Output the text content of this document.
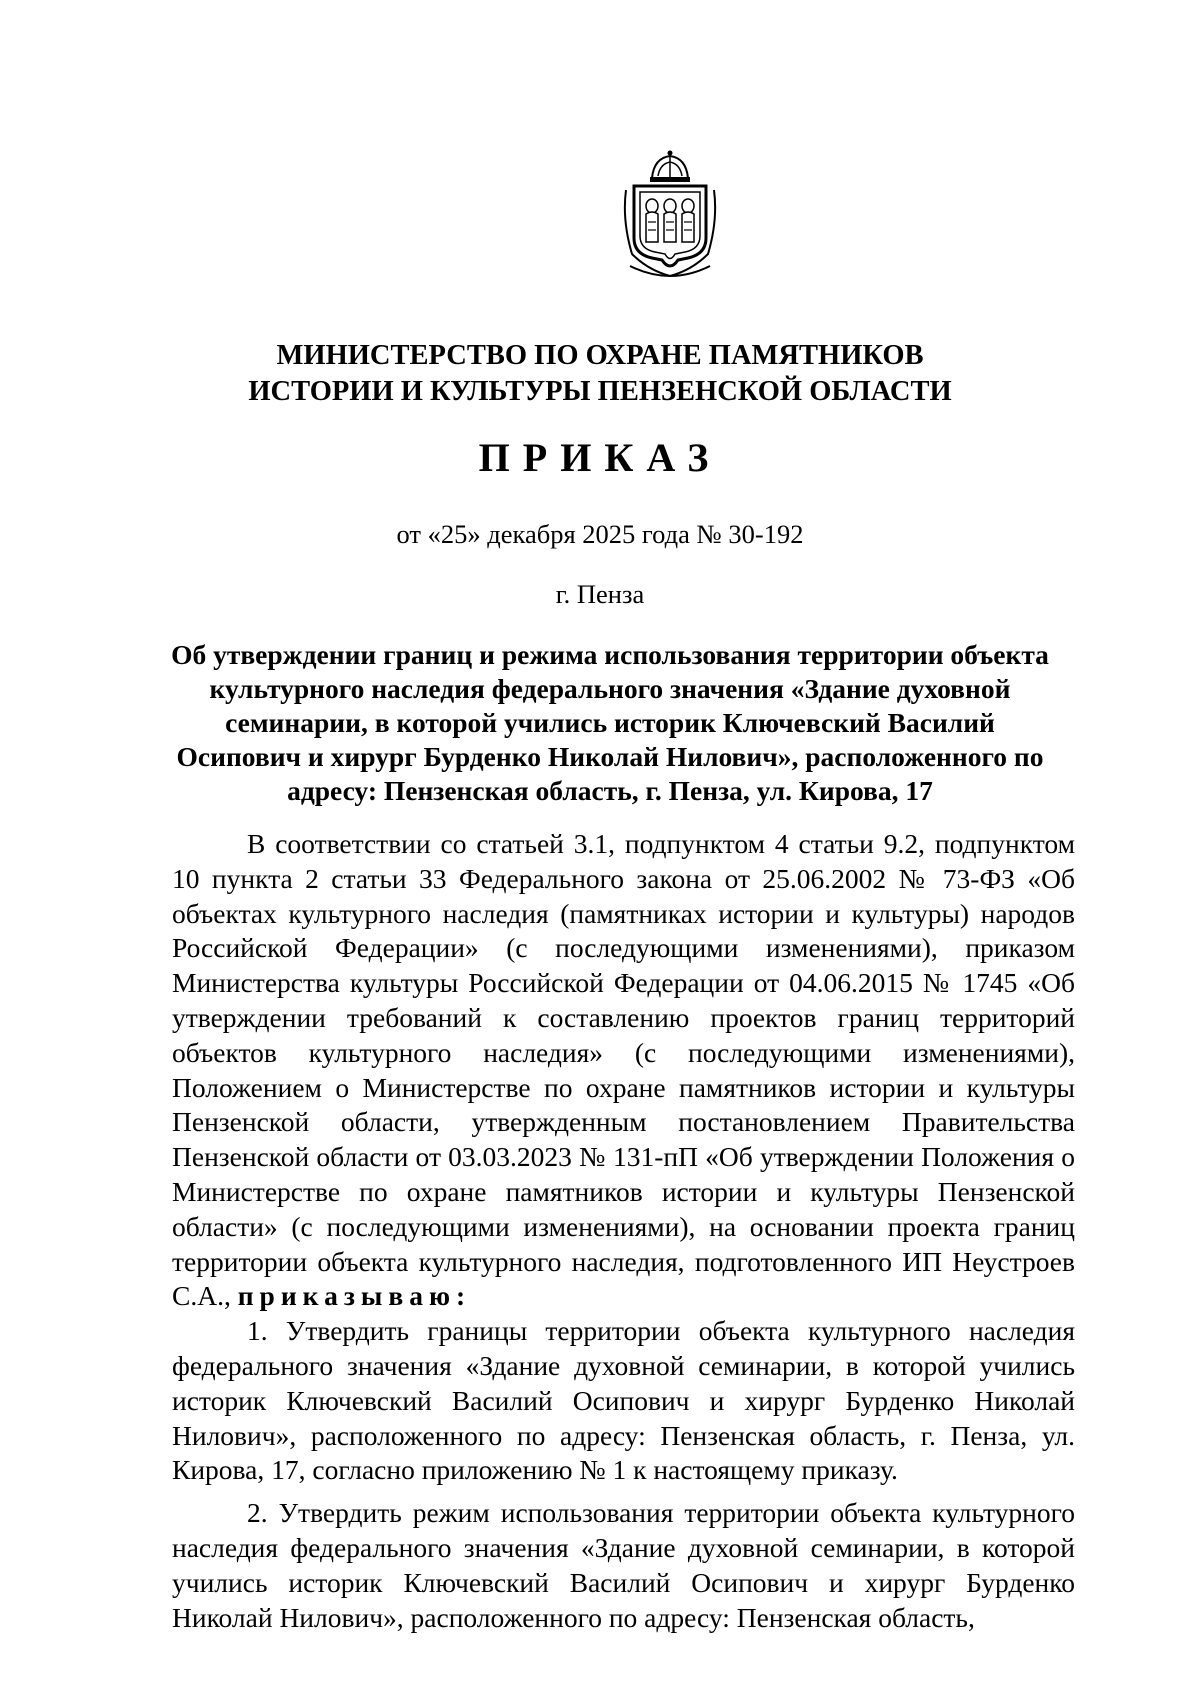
МИНИСТЕРСТВО ПО ОХРАНЕ ПАМЯТНИКОВ
ИСТОРИИ И КУЛЬТУРЫ ПЕНЗЕНСКОЙ ОБЛАСТИ
ПРИКАЗ
от «25» декабря 2025 года № 30-192
г. Пенза
Об утверждении границ и режима использования территории объекта культурного наследия федерального значения «Здание духовной семинарии, в которой учились историк Ключевский Василий Осипович и хирург Бурденко Николай Нилович», расположенного по адресу: Пензенская область, г. Пенза, ул. Кирова, 17

В соответствии со статьей 3.1, подпунктом 4 статьи 9.2, подпунктом 10 пункта 2 статьи 33 Федерального закона от 25.06.2002 № 73-ФЗ «Об объектах культурного наследия (памятниках истории и культуры) народов Российской Федерации» (с последующими изменениями), приказом Министерства культуры Российской Федерации от 04.06.2015 № 1745 «Об утверждении требований к составлению проектов границ территорий объектов культурного наследия» (с последующими изменениями), Положением о Министерстве по охране памятников истории и культуры Пензенской области, утвержденным постановлением Правительства Пензенской области от 03.03.2023 № 131-пП «Об утверждении Положения о Министерстве по охране памятников истории и культуры Пензенской области» (с последующими изменениями), на основании проекта границ территории объекта культурного наследия, подготовленного ИП Неустроев С.А., приказываю:

1. Утвердить границы территории объекта культурного наследия федерального значения «Здание духовной семинарии, в которой учились историк Ключевский Василий Осипович и хирург Бурденко Николай Нилович», расположенного по адресу: Пензенская область, г. Пенза, ул. Кирова, 17, согласно приложению № 1 к настоящему приказу.

2. Утвердить режим использования территории объекта культурного наследия федерального значения «Здание духовной семинарии, в которой учились историк Ключевский Василий Осипович и хирург Бурденко Николай Нилович», расположенного по адресу: Пензенская область,
